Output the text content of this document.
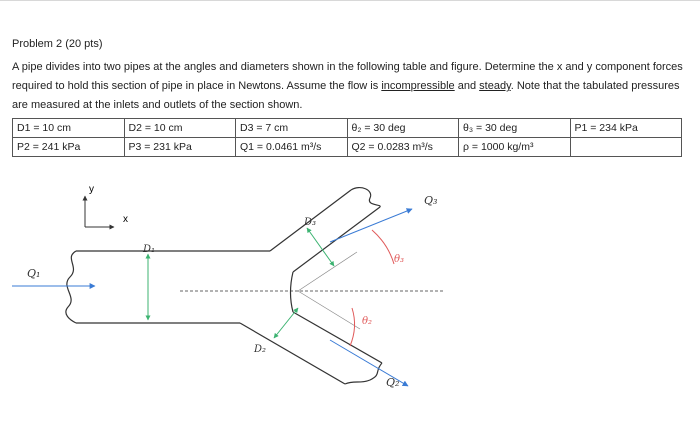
Problem 2 (20 pts)
A pipe divides into two pipes at the angles and diameters shown in the following table and figure. Determine the x and y component forces required to hold this section of pipe in place in Newtons. Assume the flow is incompressible and steady. Note that the tabulated pressures are measured at the inlets and outlets of the section shown.
D1 = 10 cm	D2 = 10 cm	D3 = 7 cm	θ₂ = 30 deg	θ₃ = 30 deg	P1 = 234 kPa
P2 = 241 kPa	P3 = 231 kPa	Q1 = 0.0461 m³/s	Q2 = 0.0283 m³/s	ρ = 1000 kg/m³	
y
x
Q₁
Q₃
Q₂
D₁
D₃
D₂
θ₃
θ₂
